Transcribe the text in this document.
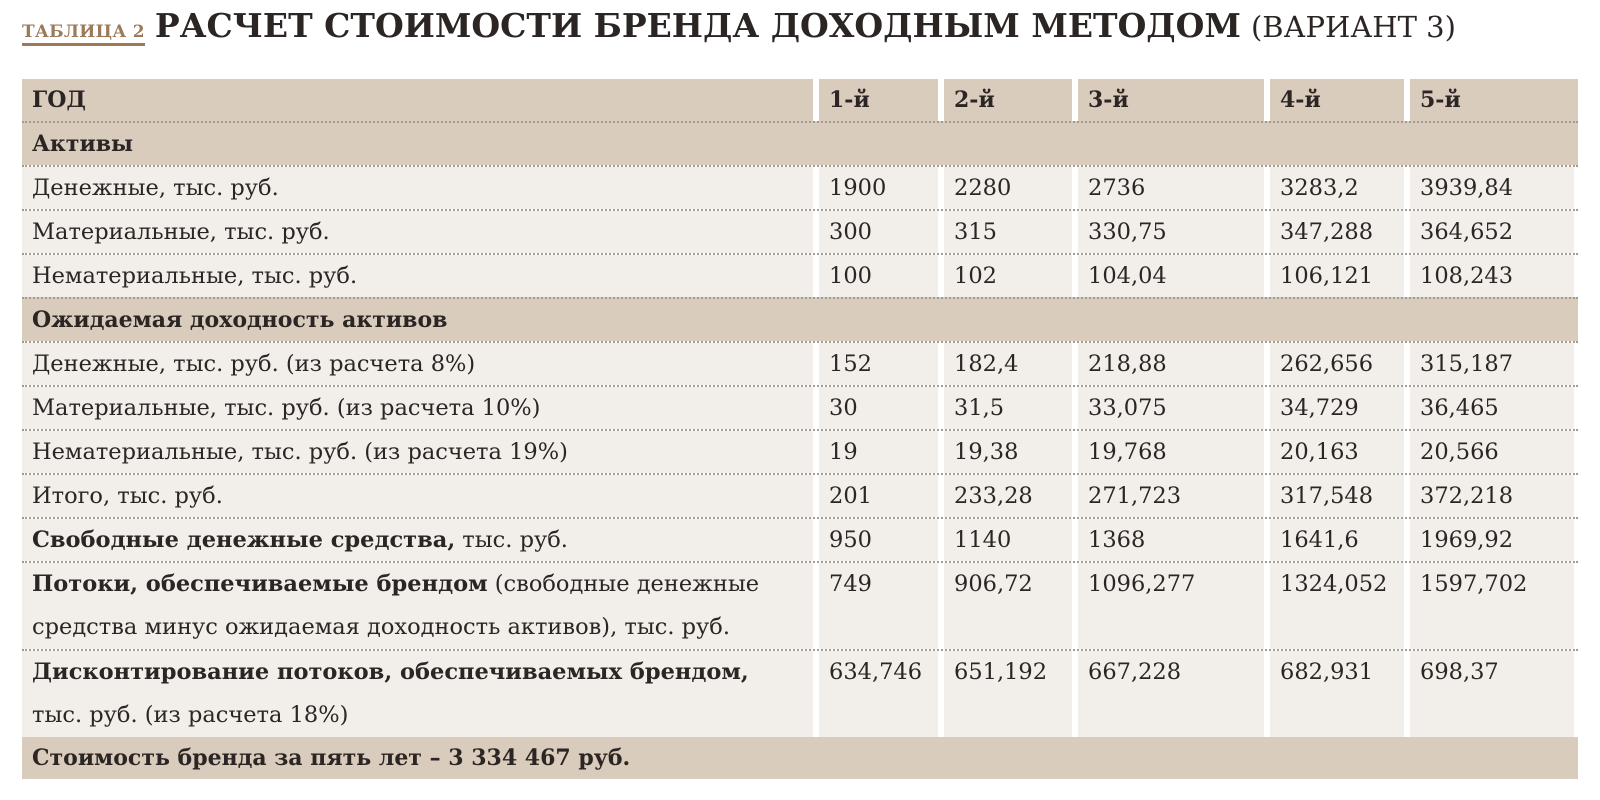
ТАБЛИЦА 2 РАСЧЕТ СТОИМОСТИ БРЕНДА ДОХОДНЫМ МЕТОДОМ (ВАРИАНТ 3)
ГОД	1-й	2-й	3-й	4-й	5-й
Активы
Денежные, тыс. руб.	1900	2280	2736	3283,2	3939,84
Материальные, тыс. руб.	300	315	330,75	347,288	364,652
Нематериальные, тыс. руб.	100	102	104,04	106,121	108,243
Ожидаемая доходность активов
Денежные, тыс. руб. (из расчета 8%)	152	182,4	218,88	262,656	315,187
Материальные, тыс. руб. (из расчета 10%)	30	31,5	33,075	34,729	36,465
Нематериальные, тыс. руб. (из расчета 19%)	19	19,38	19,768	20,163	20,566
Итого, тыс. руб.	201	233,28	271,723	317,548	372,218
Свободные денежные средства, тыс. руб.	950	1140	1368	1641,6	1969,92
Потоки, обеспечиваемые брендом (свободные денежные средства минус ожидаемая доходность активов), тыс. руб.
749	906,72	1096,277	1324,052	1597,702
Дисконтирование потоков, обеспечиваемых брендом, тыс. руб. (из расчета 18%)
634,746	651,192	667,228	682,931	698,37
Стоимость бренда за пять лет – 3 334 467 руб.
